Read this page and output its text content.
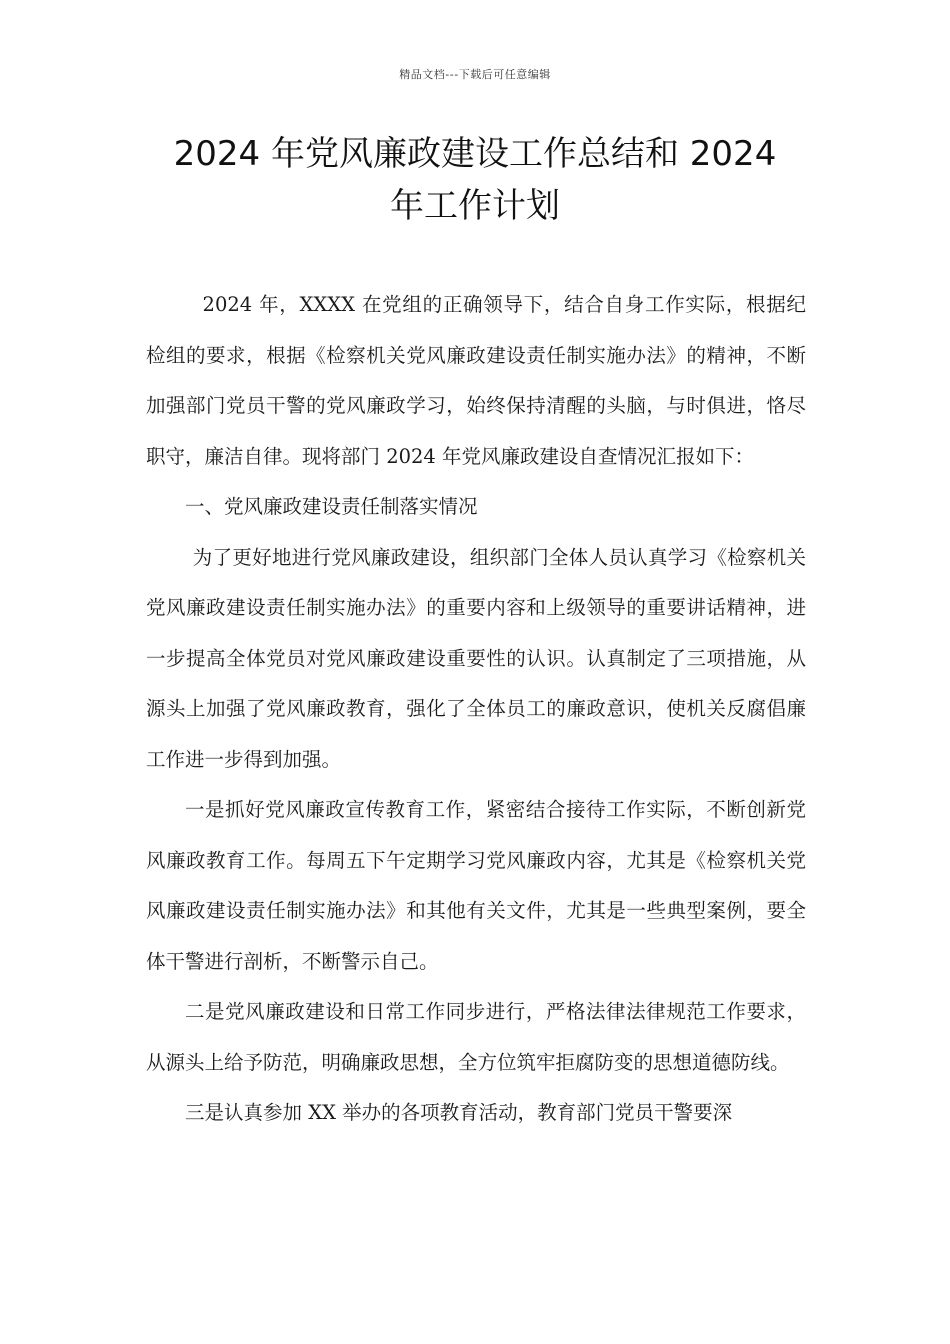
精品文档---下载后可任意编辑
2024 年党风廉政建设工作总结和 2024
年工作计划

2024 年，XXXX 在党组的正确领导下，结合自身工作实际，根据纪检组的要求，根据《检察机关党风廉政建设责任制实施办法》的精神，不断加强部门党员干警的党风廉政学习，始终保持清醒的头脑，与时俱进，恪尽职守，廉洁自律。现将部门 2024 年党风廉政建设自查情况汇报如下：

一、党风廉政建设责任制落实情况

为了更好地进行党风廉政建设，组织部门全体人员认真学习《检察机关党风廉政建设责任制实施办法》的重要内容和上级领导的重要讲话精神，进一步提高全体党员对党风廉政建设重要性的认识。认真制定了三项措施，从源头上加强了党风廉政教育，强化了全体员工的廉政意识，使机关反腐倡廉工作进一步得到加强。

一是抓好党风廉政宣传教育工作，紧密结合接待工作实际，不断创新党风廉政教育工作。每周五下午定期学习党风廉政内容，尤其是《检察机关党风廉政建设责任制实施办法》和其他有关文件，尤其是一些典型案例，要全体干警进行剖析，不断警示自己。

二是党风廉政建设和日常工作同步进行，严格法律法律规范工作要求，从源头上给予防范，明确廉政思想，全方位筑牢拒腐防变的思想道德防线。

三是认真参加 XX 举办的各项教育活动，教育部门党员干警要深
